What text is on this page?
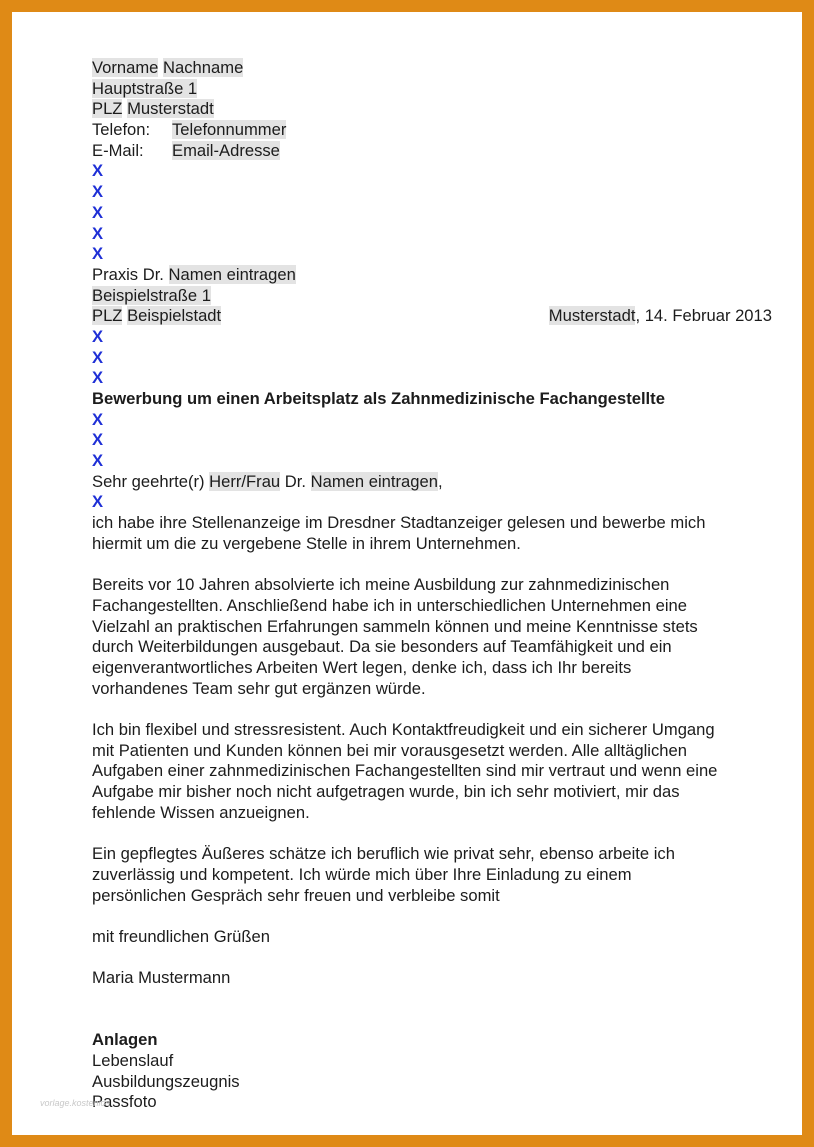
Vorname Nachname
Hauptstraße 1
PLZ Musterstadt
Telefon: Telefonnummer
E-Mail: Email-Adresse
X
X
X
X
X
Praxis Dr. Namen eintragen
Beispielstraße 1
PLZ Beispielstadt	Musterstadt, 14. Februar 2013
X
X
X
Bewerbung um einen Arbeitsplatz als Zahnmedizinische Fachangestellte
X
X
X
Sehr geehrte(r) Herr/Frau Dr. Namen eintragen,
X
ich habe ihre Stellenanzeige im Dresdner Stadtanzeiger gelesen und bewerbe mich
hiermit um die zu vergebene Stelle in ihrem Unternehmen.
Bereits vor 10 Jahren absolvierte ich meine Ausbildung zur zahnmedizinischen
Fachangestellten. Anschließend habe ich in unterschiedlichen Unternehmen eine
Vielzahl an praktischen Erfahrungen sammeln können und meine Kenntnisse stets
durch Weiterbildungen ausgebaut. Da sie besonders auf Teamfähigkeit und ein
eigenverantwortliches Arbeiten Wert legen, denke ich, dass ich Ihr bereits
vorhandenes Team sehr gut ergänzen würde.
Ich bin flexibel und stressresistent. Auch Kontaktfreudigkeit und ein sicherer Umgang
mit Patienten und Kunden können bei mir vorausgesetzt werden. Alle alltäglichen
Aufgaben einer zahnmedizinischen Fachangestellten sind mir vertraut und wenn eine
Aufgabe mir bisher noch nicht aufgetragen wurde, bin ich sehr motiviert, mir das
fehlende Wissen anzueignen.
Ein gepflegtes Äußeres schätze ich beruflich wie privat sehr, ebenso arbeite ich
zuverlässig und kompetent. Ich würde mich über Ihre Einladung zu einem
persönlichen Gespräch sehr freuen und verbleibe somit
mit freundlichen Grüßen
Maria Mustermann
Anlagen
Lebenslauf
Ausbildungszeugnis
Passfoto
vorlage.kostenlos
